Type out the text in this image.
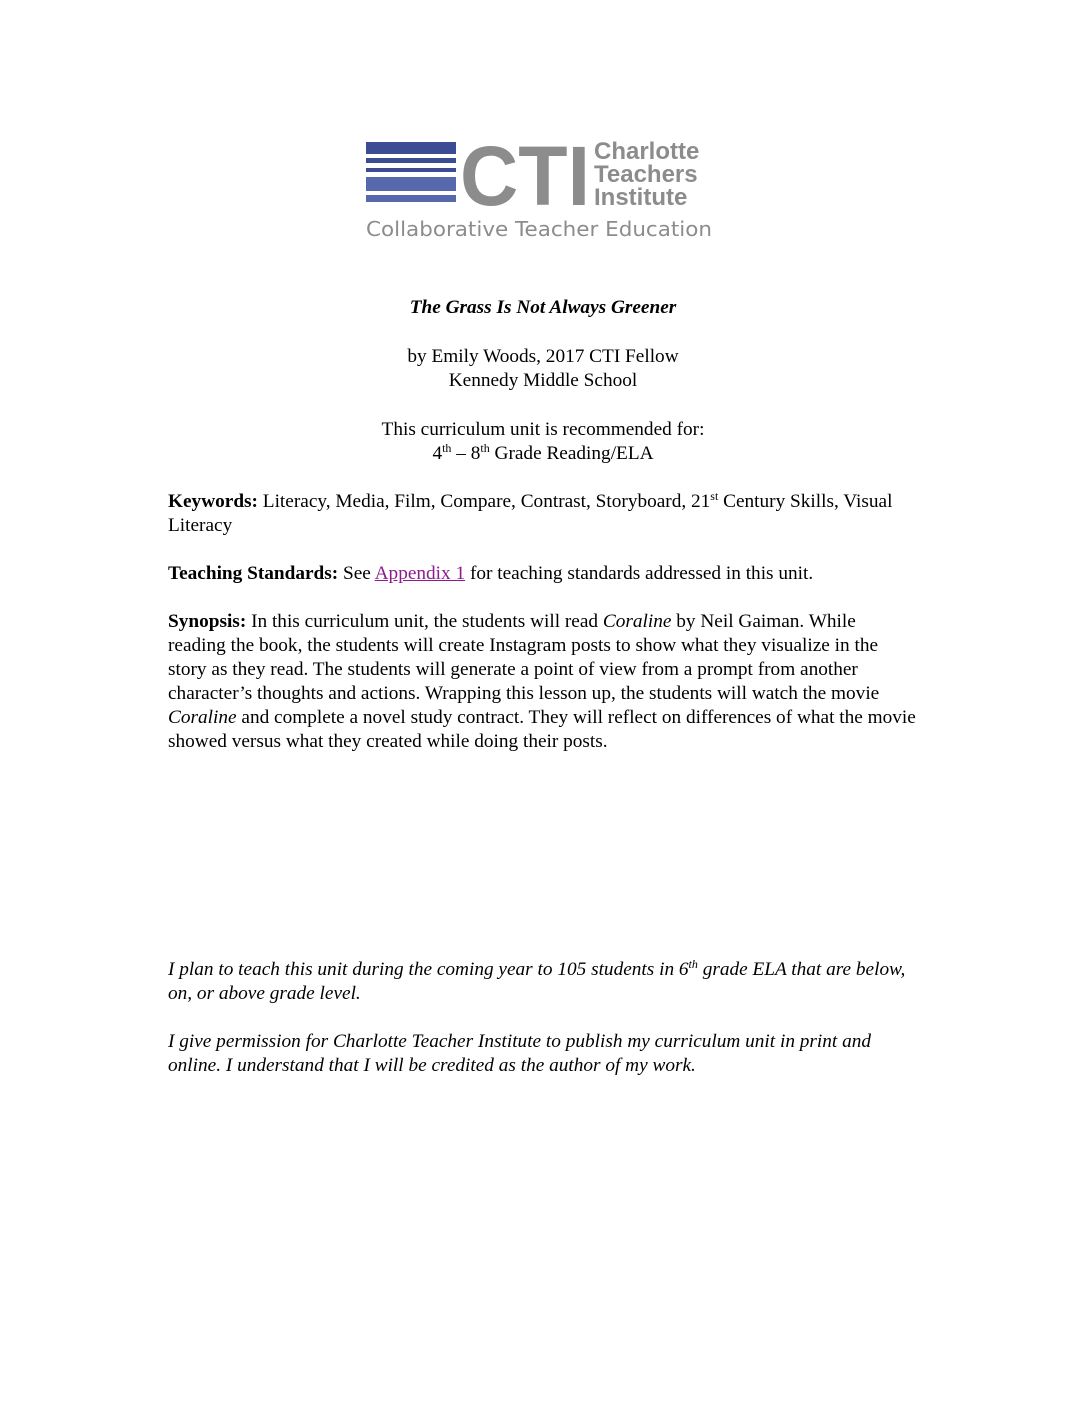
CTI Charlotte
Teachers
Institute
Collaborative Teacher Education

The Grass Is Not Always Greener

by Emily Woods, 2017 CTI Fellow

Kennedy Middle School

This curriculum unit is recommended for:

4th – 8th Grade Reading/ELA

Keywords: Literacy, Media, Film, Compare, Contrast, Storyboard, 21st Century Skills, Visual Literacy

Teaching Standards: See Appendix 1 for teaching standards addressed in this unit.

Synopsis: In this curriculum unit, the students will read Coraline by Neil Gaiman. While reading the book, the students will create Instagram posts to show what they visualize in the story as they read. The students will generate a point of view from a prompt from another character’s thoughts and actions. Wrapping this lesson up, the students will watch the movie Coraline and complete a novel study contract. They will reflect on differences of what the movie showed versus what they created while doing their posts.

I plan to teach this unit during the coming year to 105 students in 6th grade ELA that are below, on, or above grade level.

I give permission for Charlotte Teacher Institute to publish my curriculum unit in print and online. I understand that I will be credited as the author of my work.
